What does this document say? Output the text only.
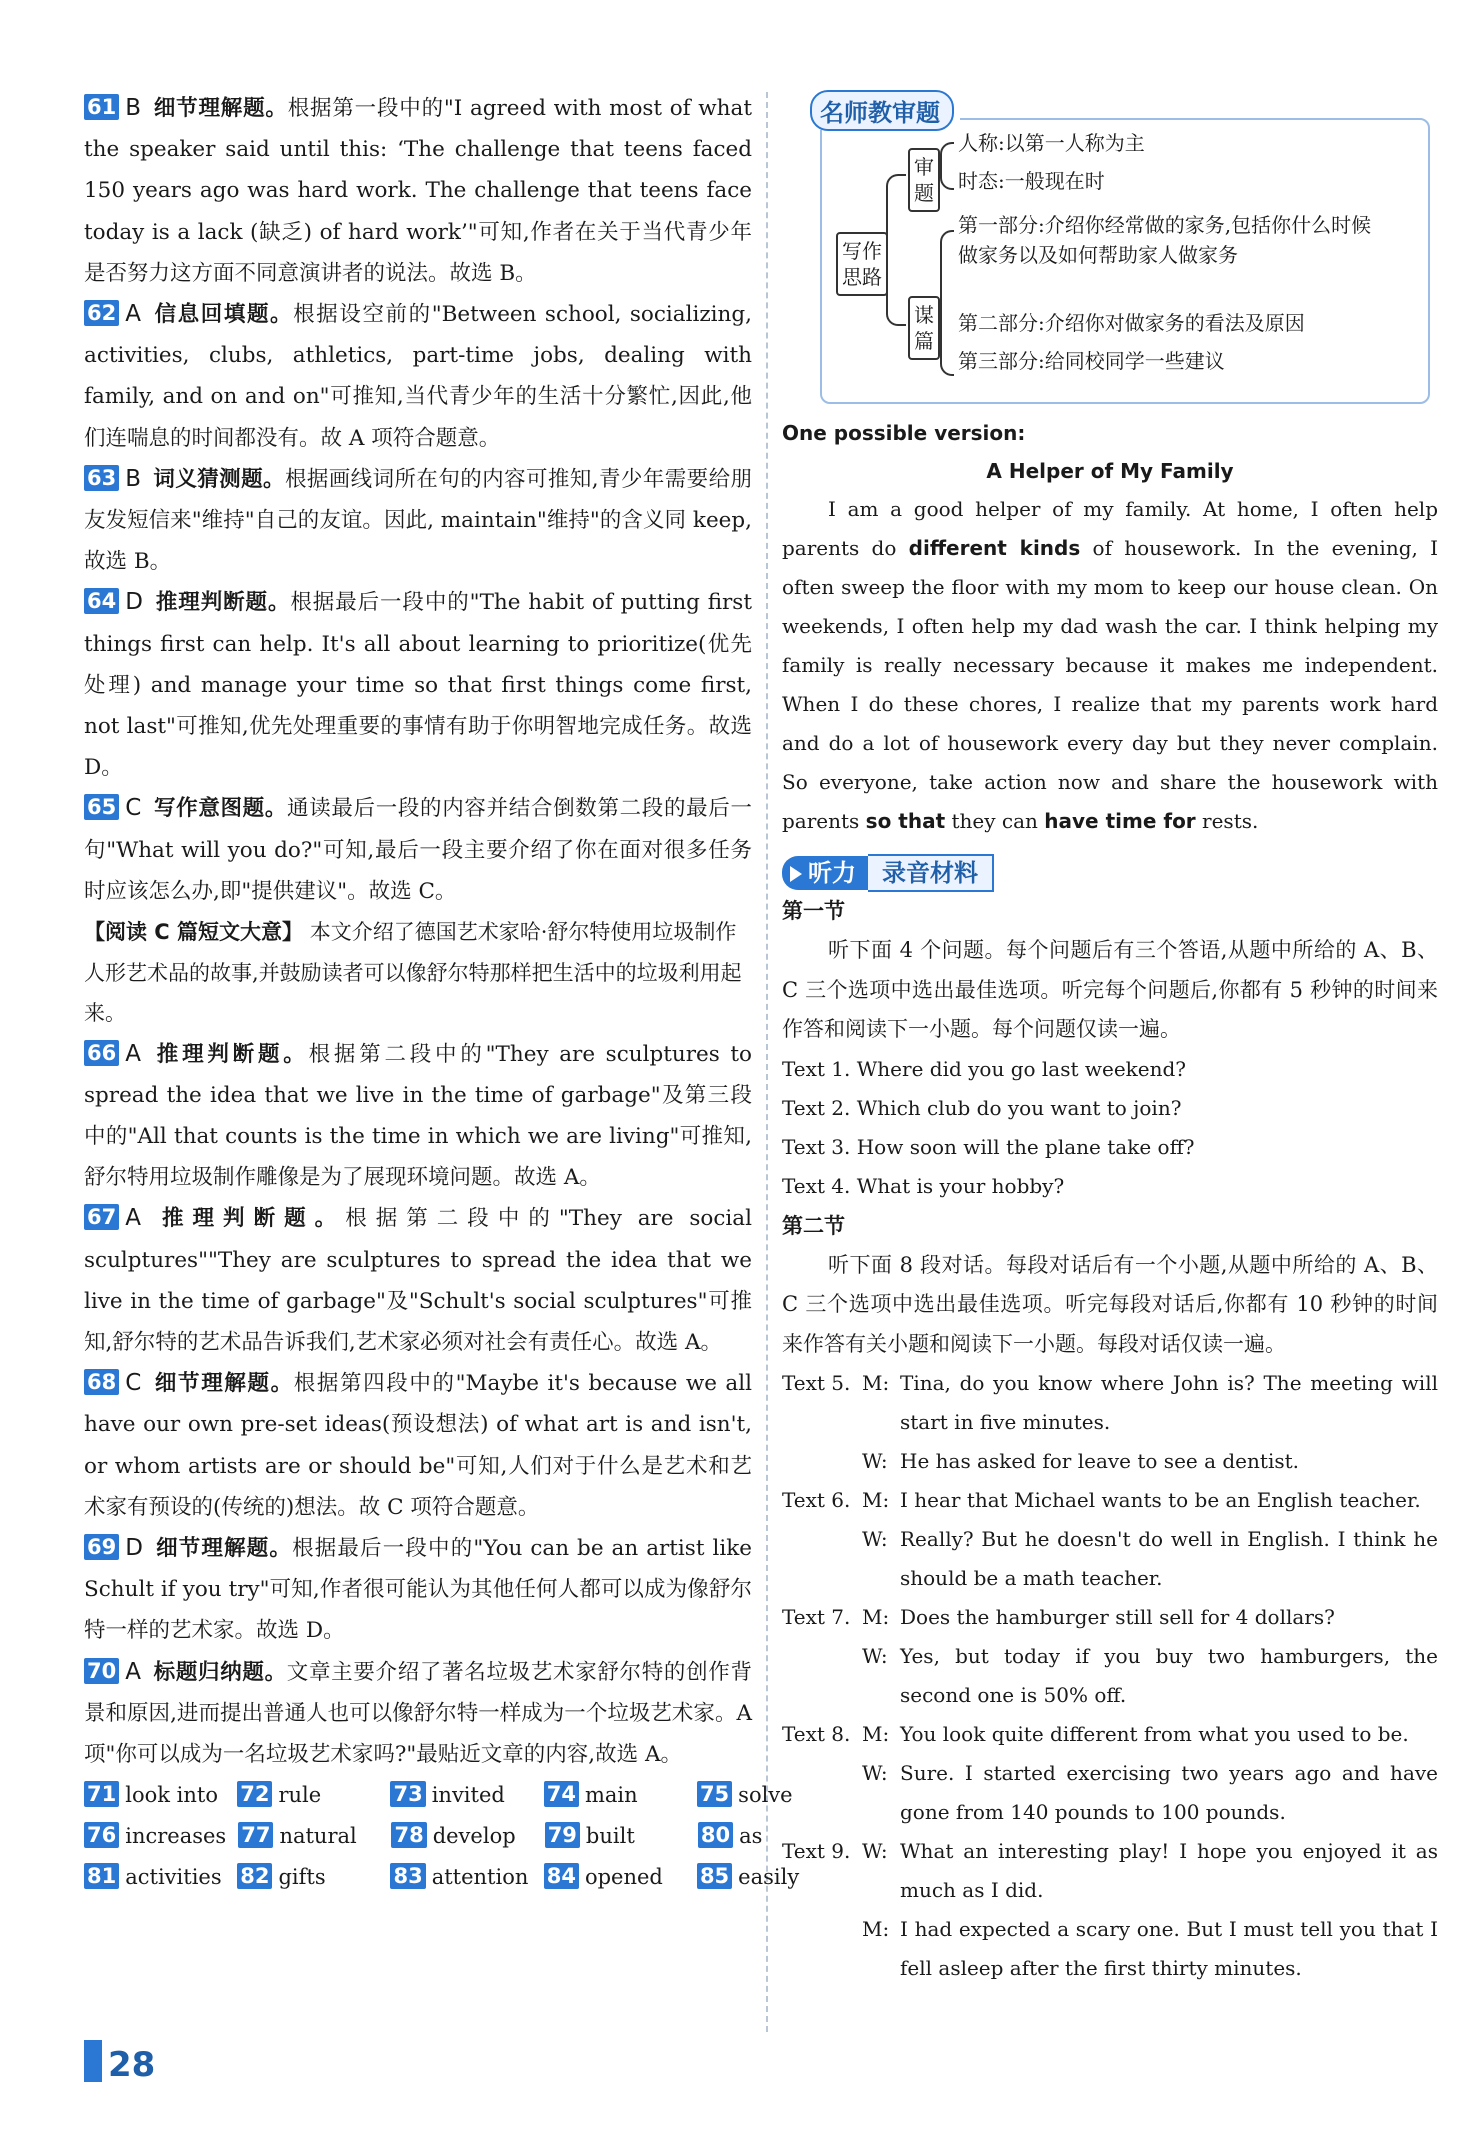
61 B 细节理解题。根据第一段中的"I agreed with most of what the speaker said until this: ‘The challenge that teens faced 150 years ago was hard work. The challenge that teens face today is a lack (缺乏) of hard work’"可知,作者在关于当代青少年是否努力这方面不同意演讲者的说法。故选 B。

62 A 信息回填题。根据设空前的"Between school, socializing, activities, clubs, athletics, part-time jobs, dealing with family, and on and on"可推知,当代青少年的生活十分繁忙,因此,他们连喘息的时间都没有。故 A 项符合题意。

63 B 词义猜测题。根据画线词所在句的内容可推知,青少年需要给朋友发短信来"维持"自己的友谊。因此, maintain"维持"的含义同 keep,故选 B。

64 D 推理判断题。根据最后一段中的"The habit of putting first things first can help. It's all about learning to prioritize(优先处理) and manage your time so that first things come first, not last"可推知,优先处理重要的事情有助于你明智地完成任务。故选 D。

65 C 写作意图题。通读最后一段的内容并结合倒数第二段的最后一句"What will you do?"可知,最后一段主要介绍了你在面对很多任务时应该怎么办,即"提供建议"。故选 C。

【阅读 C 篇短文大意】 本文介绍了德国艺术家哈·舒尔特使用垃圾制作人形艺术品的故事,并鼓励读者可以像舒尔特那样把生活中的垃圾利用起来。

66 A 推理判断题。根据第二段中的"They are sculptures to spread the idea that we live in the time of garbage"及第三段中的"All that counts is the time in which we are living"可推知,舒尔特用垃圾制作雕像是为了展现环境问题。故选 A。

67 A 推理判断题。根据第二段中的"They are social sculptures""They are sculptures to spread the idea that we live in the time of garbage"及"Schult's social sculptures"可推知,舒尔特的艺术品告诉我们,艺术家必须对社会有责任心。故选 A。

68 C 细节理解题。根据第四段中的"Maybe it's because we all have our own pre-set ideas(预设想法) of what art is and isn't, or whom artists are or should be"可知,人们对于什么是艺术和艺术家有预设的(传统的)想法。故 C 项符合题意。

69 D 细节理解题。根据最后一段中的"You can be an artist like Schult if you try"可知,作者很可能认为其他任何人都可以成为像舒尔特一样的艺术家。故选 D。

70 A 标题归纳题。文章主要介绍了著名垃圾艺术家舒尔特的创作背景和原因,进而提出普通人也可以像舒尔特一样成为一个垃圾艺术家。A 项"你可以成为一名垃圾艺术家吗?"最贴近文章的内容,故选 A。

71 look into 72 rule	73 invited 74 main	75 solve

76 increases 77 natural 78 develop 79 built	80 as

81 activities 82 gifts	83 attention 84 opened 85 easily

28
名师教审题
写作思路
审题
谋篇
人称:以第一人称为主
时态:一般现在时
第一部分:介绍你经常做的家务,包括你什么时候做家务以及如何帮助家人做家务
第二部分:介绍你对做家务的看法及原因
第三部分:给同校同学一些建议

One possible version:

A Helper of My Family

I am a good helper of my family. At home, I often help parents do different kinds of housework. In the evening, I often sweep the floor with my mom to keep our house clean. On weekends, I often help my dad wash the car. I think helping my family is really necessary because it makes me independent. When I do these chores, I realize that my parents work hard and do a lot of housework every day but they never complain. So everyone, take action now and share the housework with parents so that they can have time for rests.

听力	录音材料

第一节

听下面 4 个问题。每个问题后有三个答语,从题中所给的 A、B、C 三个选项中选出最佳选项。听完每个问题后,你都有 5 秒钟的时间来作答和阅读下一小题。每个问题仅读一遍。

Text 1. Where did you go last weekend?

Text 2. Which club do you want to join?

Text 3. How soon will the plane take off?

Text 4. What is your hobby?

第二节

听下面 8 段对话。每段对话后有一个小题,从题中所给的 A、B、C 三个选项中选出最佳选项。听完每段对话后,你都有 10 秒钟的时间来作答有关小题和阅读下一小题。每段对话仅读一遍。

Text 5. M: Tina, do you know where John is? The meeting will start in five minutes.
W: He has asked for leave to see a dentist.
Text 6. M: I hear that Michael wants to be an English teacher.
W: Really? But he doesn't do well in English. I think he should be a math teacher.
Text 7. M: Does the hamburger still sell for 4 dollars?
W: Yes, but today if you buy two hamburgers, the second one is 50% off.
Text 8. M: You look quite different from what you used to be.
W: Sure. I started exercising two years ago and have gone from 140 pounds to 100 pounds.
Text 9. W: What an interesting play! I hope you enjoyed it as much as I did.
M: I had expected a scary one. But I must tell you that I fell asleep after the first thirty minutes.
